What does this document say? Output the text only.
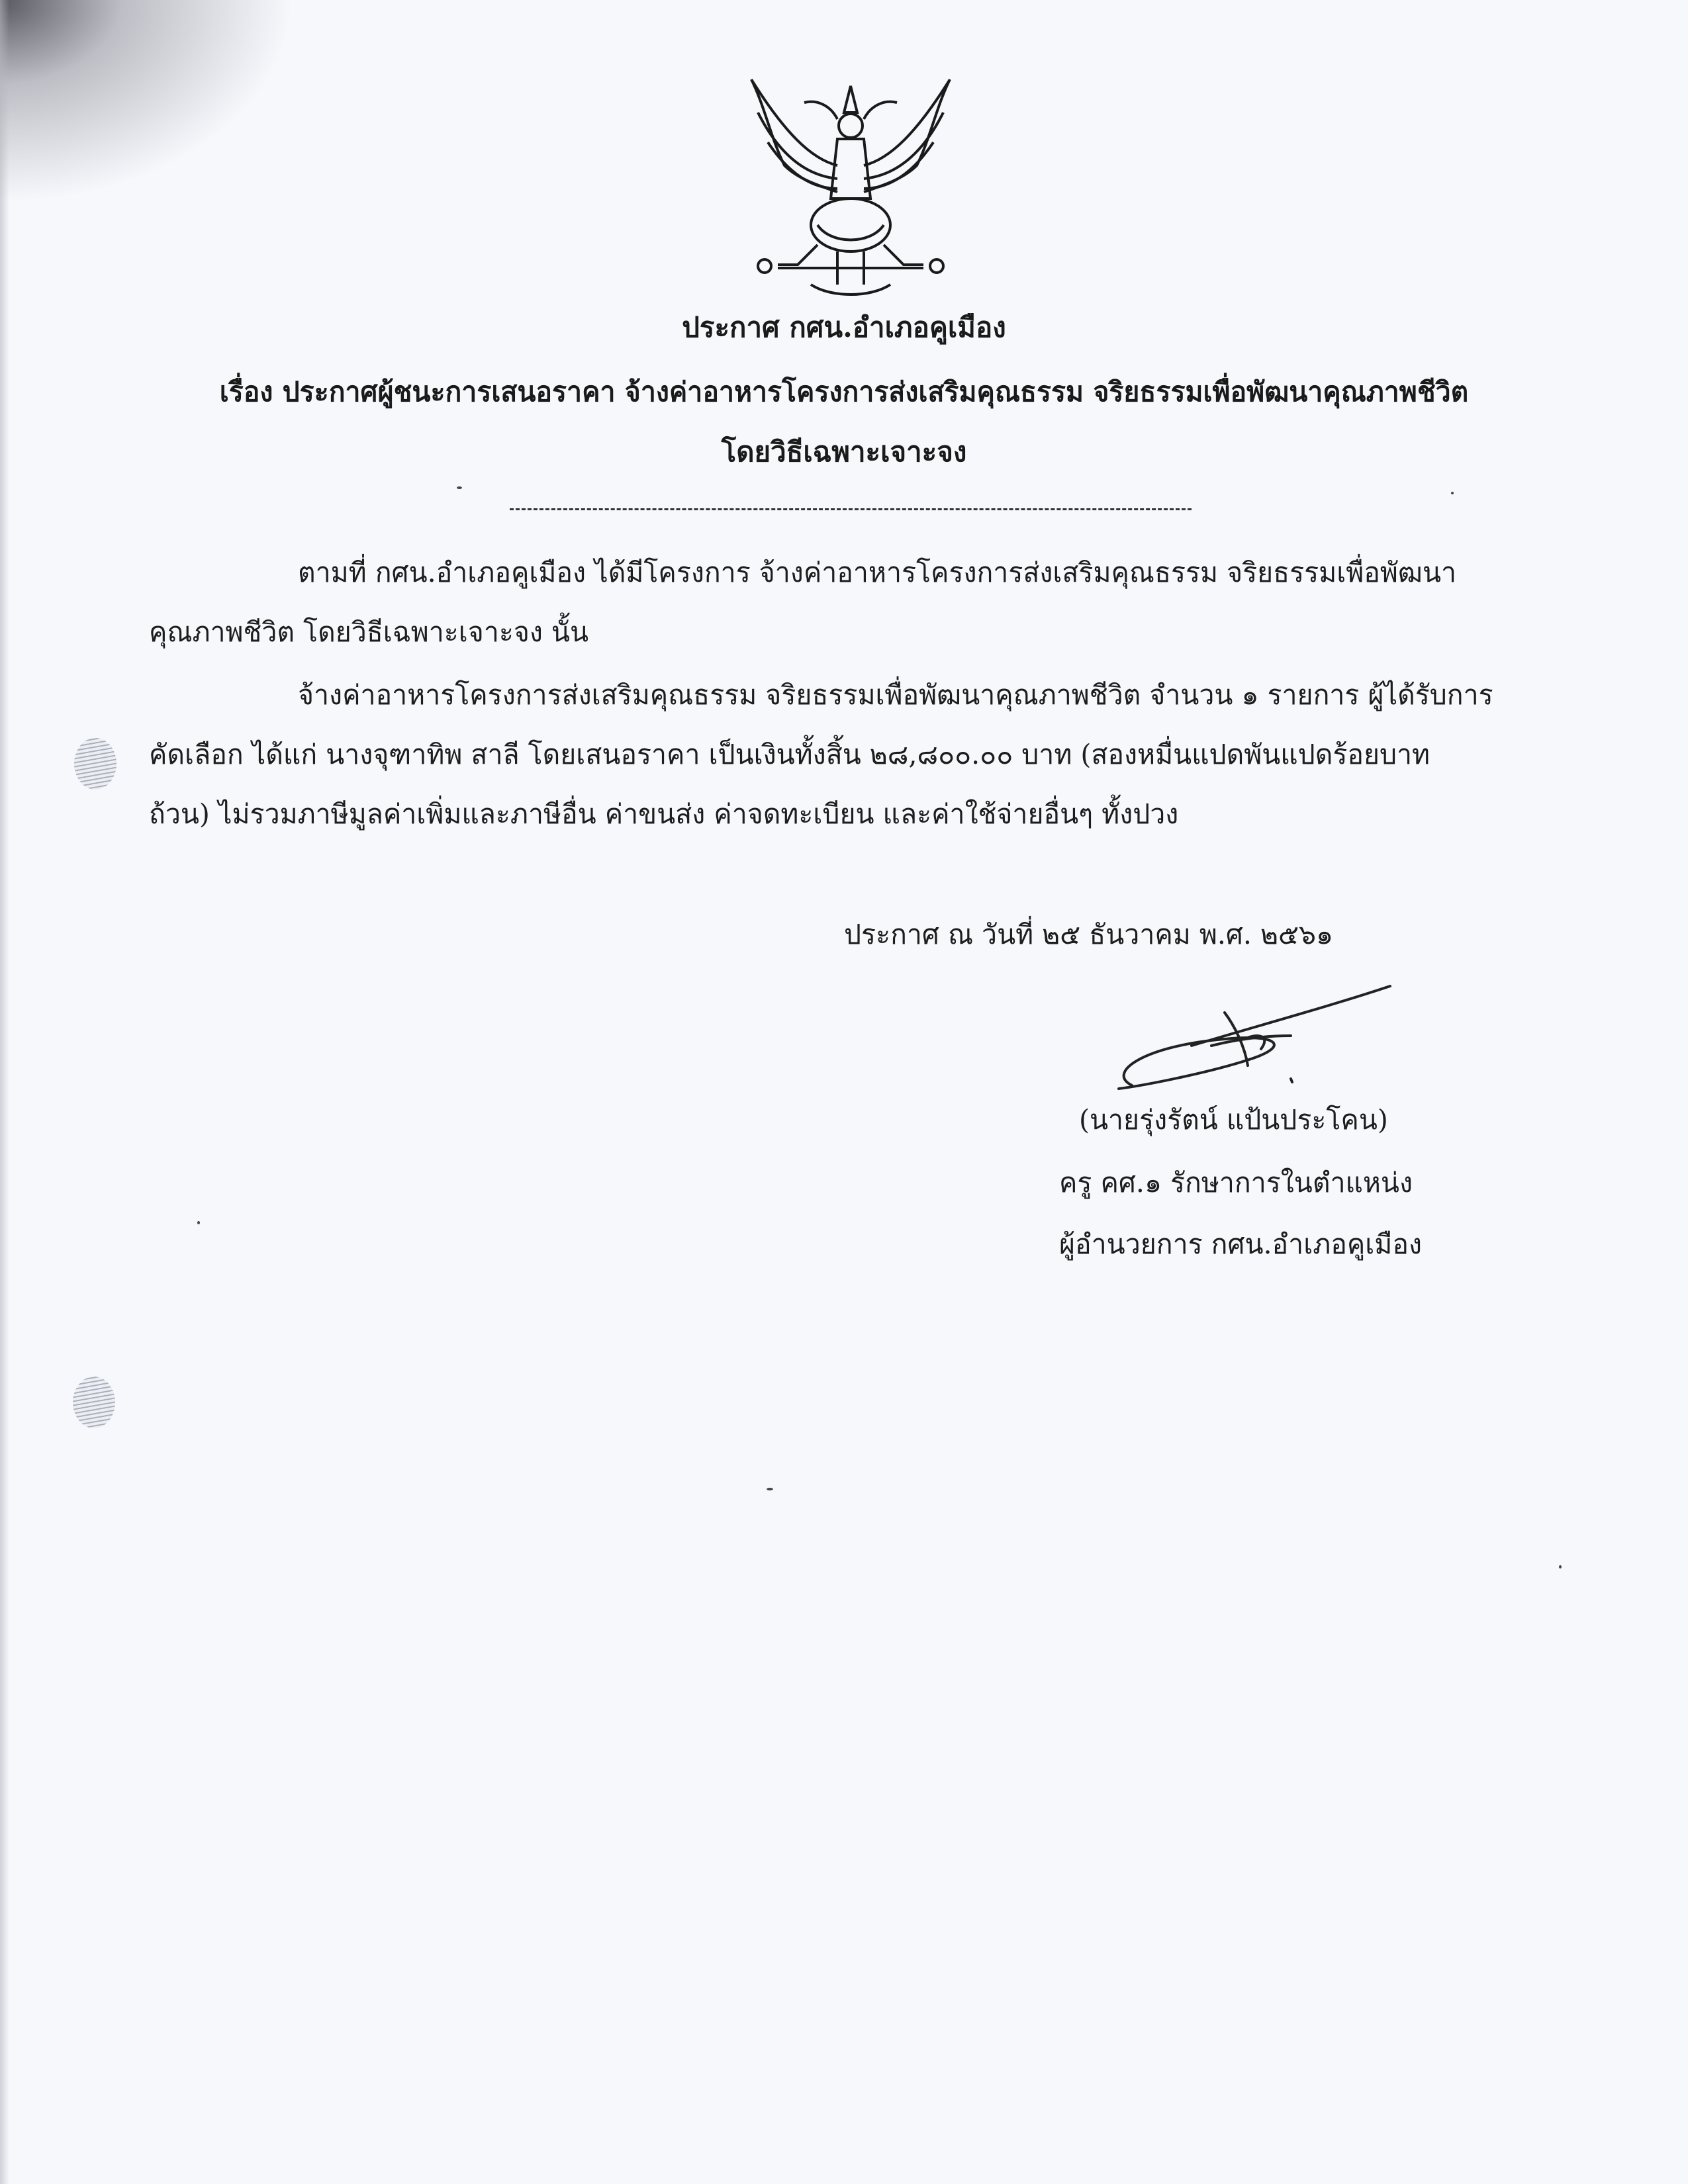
ประกาศ กศน.อำเภอคูเมือง
เรื่อง ประกาศผู้ชนะการเสนอราคา จ้างค่าอาหารโครงการส่งเสริมคุณธรรม จริยธรรมเพื่อพัฒนาคุณภาพชีวิต
โดยวิธีเฉพาะเจาะจง
ตามที่ กศน.อำเภอคูเมือง ได้มีโครงการ จ้างค่าอาหารโครงการส่งเสริมคุณธรรม จริยธรรมเพื่อพัฒนา
คุณภาพชีวิต โดยวิธีเฉพาะเจาะจง นั้น
จ้างค่าอาหารโครงการส่งเสริมคุณธรรม จริยธรรมเพื่อพัฒนาคุณภาพชีวิต จำนวน ๑ รายการ ผู้ได้รับการ
คัดเลือก ได้แก่ นางจุฑาทิพ สาลี โดยเสนอราคา เป็นเงินทั้งสิ้น ๒๘,๘๐๐.๐๐ บาท (สองหมื่นแปดพันแปดร้อยบาท
ถ้วน) ไม่รวมภาษีมูลค่าเพิ่มและภาษีอื่น ค่าขนส่ง ค่าจดทะเบียน และค่าใช้จ่ายอื่นๆ ทั้งปวง
ประกาศ ณ วันที่ ๒๕ ธันวาคม พ.ศ. ๒๕๖๑
(นายรุ่งรัตน์ แป้นประโคน)
ครู คศ.๑ รักษาการในตำแหน่ง
ผู้อำนวยการ กศน.อำเภอคูเมือง
